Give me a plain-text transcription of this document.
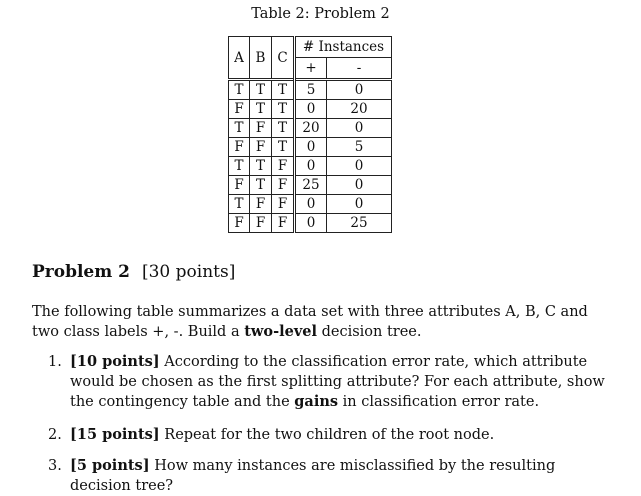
Table 2: Problem 2
A	B	C	# Instances	
			+	-
T	T	T	5	0
F	T	T	0	20
T	F	T	20	0
F	F	T	0	5
T	T	F	0	0
F	T	F	25	0
T	F	F	0	0
F	F	F	0	25
Problem 2 [30 points]
The following table summarizes a data set with three attributes A, B, C and two class labels +, -. Build a two-level decision tree.
1. [10 points] According to the classification error rate, which attribute would be chosen as the first splitting attribute? For each attribute, show the contingency table and the gains in classification error rate.
2. [15 points] Repeat for the two children of the root node.
3. [5 points] How many instances are misclassified by the resulting decision tree?
